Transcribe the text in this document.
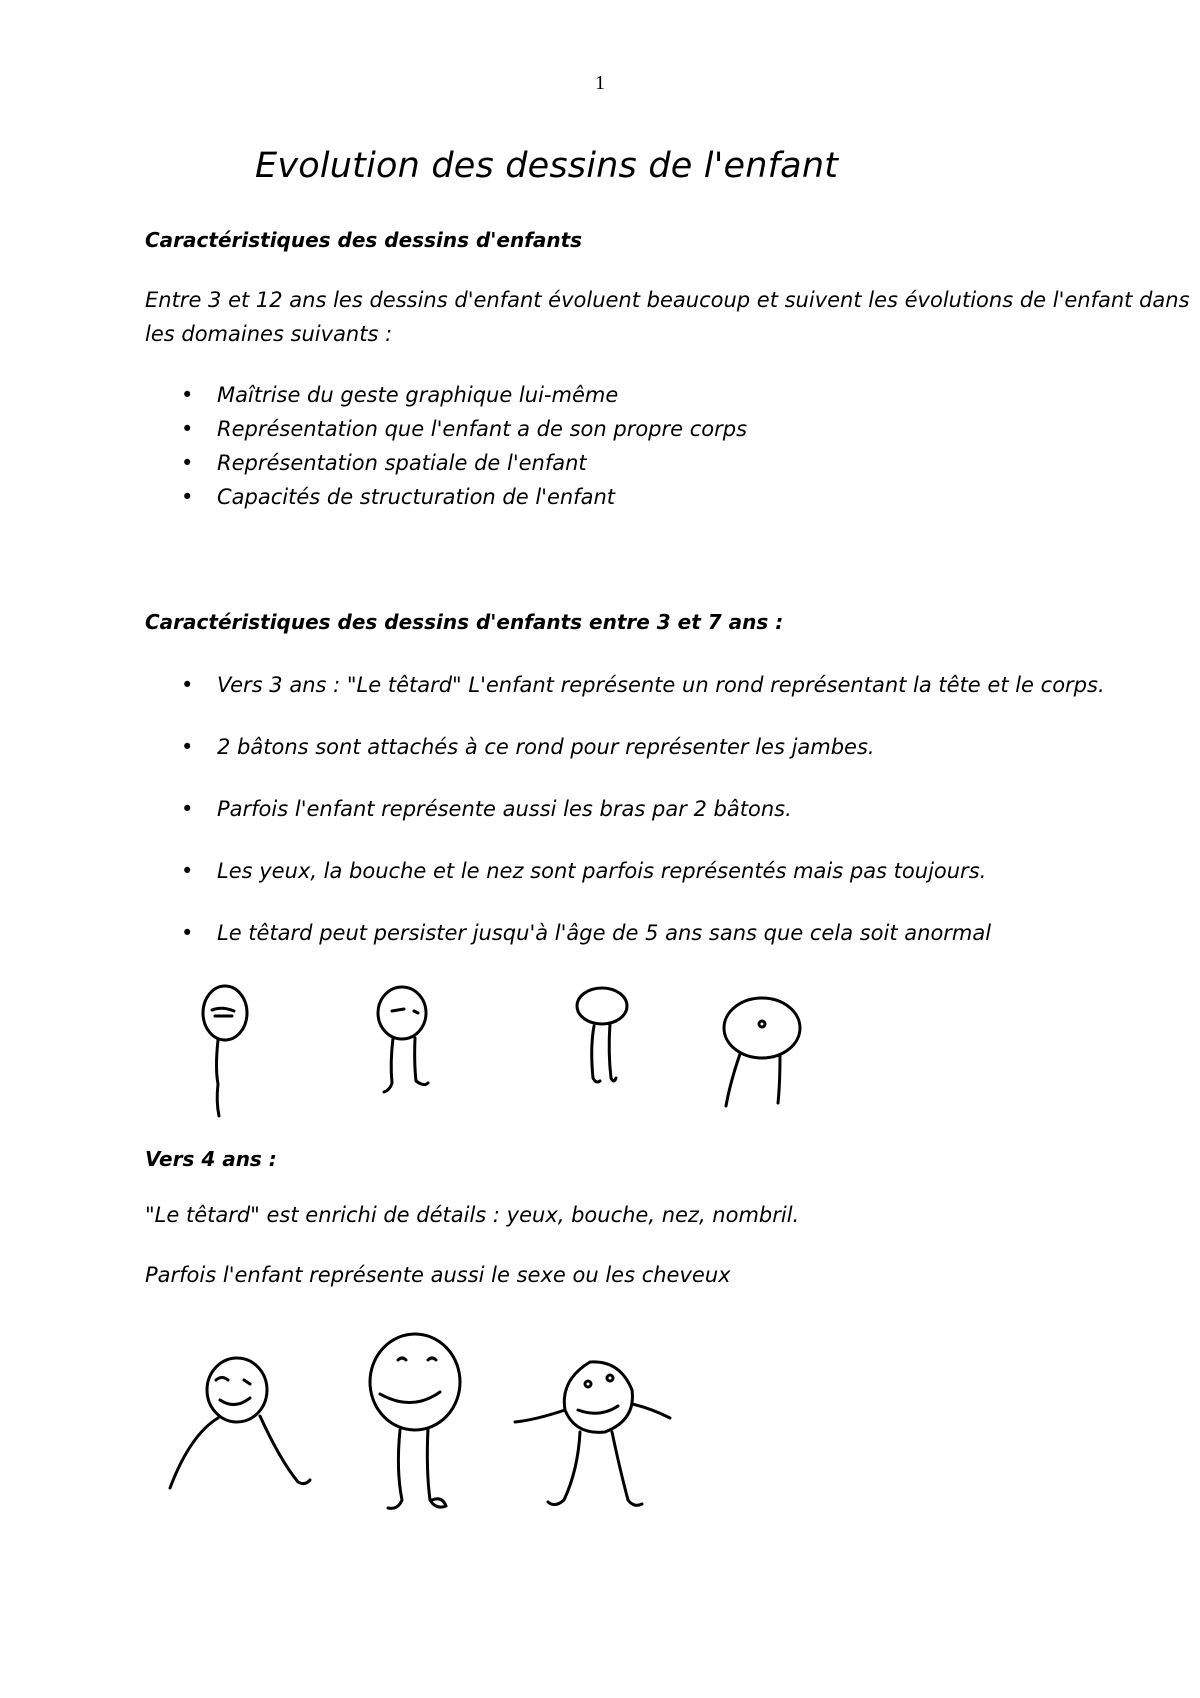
1
Evolution des dessins de l'enfant
Caractéristiques des dessins d'enfants
Entre 3 et 12 ans les dessins d'enfant évoluent beaucoup et suivent les évolutions de l'enfant dans les domaines suivants :
• Maîtrise du geste graphique lui-même
• Représentation que l'enfant a de son propre corps
• Représentation spatiale de l'enfant
• Capacités de structuration de l'enfant
Caractéristiques des dessins d'enfants entre 3 et 7 ans :
• Vers 3 ans : "Le têtard" L'enfant représente un rond représentant la tête et le corps.
• 2 bâtons sont attachés à ce rond pour représenter les jambes.
• Parfois l'enfant représente aussi les bras par 2 bâtons.
• Les yeux, la bouche et le nez sont parfois représentés mais pas toujours.
• Le têtard peut persister jusqu'à l'âge de 5 ans sans que cela soit anormal
Vers 4 ans :
"Le têtard" est enrichi de détails : yeux, bouche, nez, nombril.
Parfois l'enfant représente aussi le sexe ou les cheveux
